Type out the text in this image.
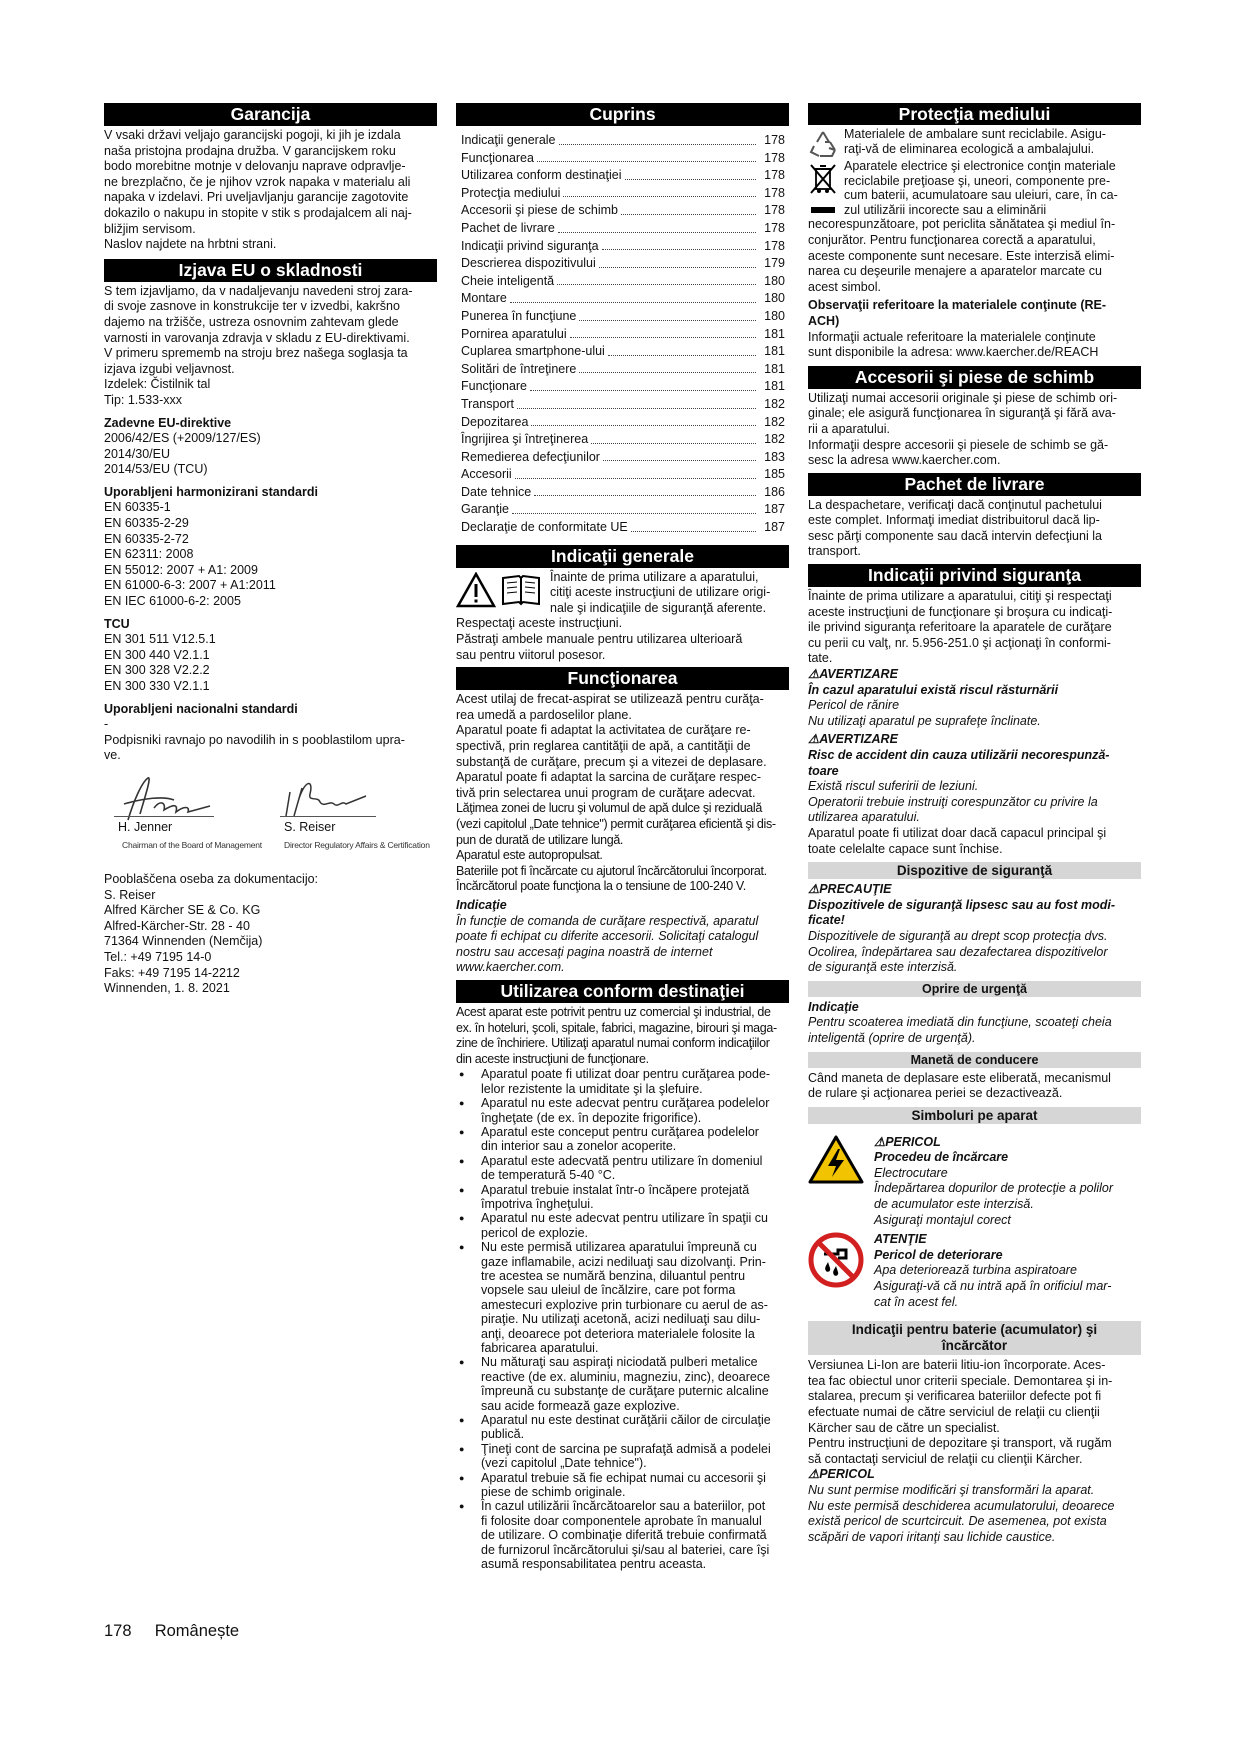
Garancija

V vsaki državi veljajo garancijski pogoji, ki jih je izdala

naša pristojna prodajna družba. V garancijskem roku

bodo morebitne motnje v delovanju naprave odpravlje-

ne brezplačno, če je njihov vzrok napaka v materialu ali

napaka v izdelavi. Pri uveljavljanju garancije zagotovite

dokazilo o nakupu in stopite v stik s prodajalcem ali naj-

bližjim servisom.

Naslov najdete na hrbtni strani.

Izjava EU o skladnosti

S tem izjavljamo, da v nadaljevanju navedeni stroj zara-

di svoje zasnove in konstrukcije ter v izvedbi, kakršno

dajemo na tržišče, ustreza osnovnim zahtevam glede

varnosti in varovanja zdravja v skladu z EU-direktivami.

V primeru sprememb na stroju brez našega soglasja ta

izjava izgubi veljavnost.

Izdelek: Čistilnik tal

Tip: 1.533-xxx

Zadevne EU-direktive

2006/42/ES (+2009/127/ES)

2014/30/EU

2014/53/EU (TCU)

Uporabljeni harmonizirani standardi

EN 60335-1

EN 60335-2-29

EN 60335-2-72

EN 62311: 2008

EN 55012: 2007 + A1: 2009

EN 61000-6-3: 2007 + A1:2011

EN IEC 61000-6-2: 2005

TCU

EN 301 511 V12.5.1

EN 300 440 V2.1.1

EN 300 328 V2.2.2

EN 300 330 V2.1.1

Uporabljeni nacionalni standardi

-

Podpisniki ravnajo po navodilih in s pooblastilom upra-

ve.

H. Jenner
Chairman of the Board of Management
S. Reiser
Director Regulatory Affairs & Certification

Pooblaščena oseba za dokumentacijo:

S. Reiser

Alfred Kärcher SE & Co. KG

Alfred-Kärcher-Str. 28 - 40

71364 Winnenden (Nemčija)

Tel.: +49 7195 14-0

Faks: +49 7195 14-2212

Winnenden, 1. 8. 2021

Cuprins
Indicaţii generale	178
Funcţionarea	178
Utilizarea conform destinaţiei	178
Protecţia mediului	178
Accesorii şi piese de schimb	178
Pachet de livrare	178
Indicaţii privind siguranţa	178
Descrierea dispozitivului	179
Cheie inteligentă	180
Montare	180
Punerea în funcţiune	180
Pornirea aparatului	181
Cuplarea smartphone-ului	181
Solitări de întreţinere	181
Funcţionare	181
Transport	182
Depozitarea	182
Îngrijirea şi întreţinerea	182
Remedierea defecţiunilor	183
Accesorii	185
Date tehnice	186
Garanţie	187
Declaraţie de conformitate UE	187
Indicaţii generale

Înainte de prima utilizare a aparatului,

citiţi aceste instrucţiuni de utilizare origi-

nale şi indicaţiile de siguranţă aferente.

Respectaţi aceste instrucţiuni.

Păstraţi ambele manuale pentru utilizarea ulterioară

sau pentru viitorul posesor.

Funcţionarea

Acest utilaj de frecat-aspirat se utilizează pentru curăţa-

rea umedă a pardoselilor plane.

Aparatul poate fi adaptat la activitatea de curăţare re-

spectivă, prin reglarea cantităţii de apă, a cantităţii de

substanţă de curăţare, precum şi a vitezei de deplasare.

Aparatul poate fi adaptat la sarcina de curăţare respec-

tivă prin selectarea unui program de curăţare adecvat.

Lăţimea zonei de lucru şi volumul de apă dulce şi reziduală

(vezi capitolul „Date tehnice") permit curăţarea eficientă şi dis-

pun de durată de utilizare lungă.

Aparatul este autopropulsat.

Bateriile pot fi încărcate cu ajutorul încărcătorului încorporat.

Încărcătorul poate funcţiona la o tensiune de 100-240 V.

Indicaţie

În funcţie de comanda de curăţare respectivă, aparatul

poate fi echipat cu diferite accesorii. Solicitaţi catalogul

nostru sau accesaţi pagina noastră de internet

www.kaercher.com.

Utilizarea conform destinaţiei

Acest aparat este potrivit pentru uz comercial şi industrial, de

ex. în hoteluri, şcoli, spitale, fabrici, magazine, birouri şi maga-

zine de închiriere. Utilizaţi aparatul numai conform indicaţiilor

din aceste instrucţiuni de funcţionare.

●	Aparatul poate fi utilizat doar pentru curăţarea pode-

lelor rezistente la umiditate şi la şlefuire.

●	Aparatul nu este adecvat pentru curăţarea podelelor

îngheţate (de ex. în depozite frigorifice).

●	Aparatul este conceput pentru curăţarea podelelor

din interior sau a zonelor acoperite.

●	Aparatul este adecvată pentru utilizare în domeniul

de temperatură 5-40 °C.

●	Aparatul trebuie instalat într-o încăpere protejată

împotriva îngheţului.

●	Aparatul nu este adecvat pentru utilizare în spaţii cu

pericol de explozie.

●	Nu este permisă utilizarea aparatului împreună cu

gaze inflamabile, acizi nediluaţi sau dizolvanţi. Prin-

tre acestea se numără benzina, diluantul pentru

vopsele sau uleiul de încălzire, care pot forma

amestecuri explozive prin turbionare cu aerul de as-

piraţie. Nu utilizaţi acetonă, acizi nediluaţi sau dilu-

anţi, deoarece pot deteriora materialele folosite la

fabricarea aparatului.

●	Nu măturaţi sau aspiraţi niciodată pulberi metalice

reactive (de ex. aluminiu, magneziu, zinc), deoarece

împreună cu substanţe de curăţare puternic alcaline

sau acide formează gaze explozive.

●	Aparatul nu este destinat curăţării căilor de circulaţie

publică.

●	Ţineţi cont de sarcina pe suprafaţă admisă a podelei

(vezi capitolul „Date tehnice").

●	Aparatul trebuie să fie echipat numai cu accesorii şi

piese de schimb originale.

●	În cazul utilizării încărcătoarelor sau a bateriilor, pot

fi folosite doar componentele aprobate în manualul

de utilizare. O combinaţie diferită trebuie confirmată

de furnizorul încărcătorului şi/sau al bateriei, care îşi

asumă responsabilitatea pentru aceasta.

Protecţia mediului

Materialele de ambalare sunt reciclabile. Asigu-

raţi-vă de eliminarea ecologică a ambalajului.

Aparatele electrice şi electronice conţin materiale

reciclabile preţioase şi, uneori, componente pre-

cum baterii, acumulatoare sau uleiuri, care, în ca-

zul utilizării incorecte sau a eliminării

necorespunzătoare, pot periclita sănătatea şi mediul în-

conjurător. Pentru funcţionarea corectă a aparatului,

aceste componente sunt necesare. Este interzisă elimi-

narea cu deşeurile menajere a aparatelor marcate cu

acest simbol.

Observaţii referitoare la materialele conţinute (RE-

ACH)

Informaţii actuale referitoare la materialele conţinute

sunt disponibile la adresa: www.kaercher.de/REACH

Accesorii şi piese de schimb

Utilizaţi numai accesorii originale şi piese de schimb ori-

ginale; ele asigură funcţionarea în siguranţă şi fără ava-

rii a aparatului.

Informaţii despre accesorii şi piesele de schimb se gă-

sesc la adresa www.kaercher.com.

Pachet de livrare

La despachetare, verificaţi dacă conţinutul pachetului

este complet. Informaţi imediat distribuitorul dacă lip-

sesc părţi componente sau dacă intervin defecţiuni la

transport.

Indicaţii privind siguranţa

Înainte de prima utilizare a aparatului, citiţi şi respectaţi

aceste instrucţiuni de funcţionare şi broşura cu indicaţi-

ile privind siguranţa referitoare la aparatele de curăţare

cu perii cu valţ, nr. 5.956-251.0 şi acţionaţi în conformi-

tate.

⚠AVERTIZARE

În cazul aparatului există riscul răsturnării

Pericol de rănire

Nu utilizaţi aparatul pe suprafeţe înclinate.

⚠AVERTIZARE

Risc de accident din cauza utilizării necorespunză-

toare

Există riscul suferirii de leziuni.

Operatorii trebuie instruiţi corespunzător cu privire la

utilizarea aparatului.

Aparatul poate fi utilizat doar dacă capacul principal şi

toate celelalte capace sunt închise.

Dispozitive de siguranţă

⚠PRECAUŢIE

Dispozitivele de siguranţă lipsesc sau au fost modi-

ficate!

Dispozitivele de siguranţă au drept scop protecţia dvs.

Ocolirea, îndepărtarea sau dezafectarea dispozitivelor

de siguranţă este interzisă.

Oprire de urgenţă

Indicaţie

Pentru scoaterea imediată din funcţiune, scoateţi cheia

inteligentă (oprire de urgenţă).

Manetă de conducere

Când maneta de deplasare este eliberată, mecanismul

de rulare şi acţionarea periei se dezactivează.

Simboluri pe aparat

⚠PERICOL

Procedeu de încărcare

Electrocutare

Îndepărtarea dopurilor de protecţie a polilor

de acumulator este interzisă.

Asiguraţi montajul corect

ATENŢIE

Pericol de deteriorare

Apa deteriorează turbina aspiratoare

Asiguraţi-vă că nu intră apă în orificiul mar-

cat în acest fel.

Indicaţii pentru baterie (acumulator) şi
încărcător

Versiunea Li-Ion are baterii litiu-ion încorporate. Aces-

tea fac obiectul unor criterii speciale. Demontarea şi in-

stalarea, precum şi verificarea bateriilor defecte pot fi

efectuate numai de către serviciul de relaţii cu clienţii

Kärcher sau de către un specialist.

Pentru instrucţiuni de depozitare şi transport, vă rugăm

să contactaţi serviciul de relaţii cu clienţii Kärcher.

⚠PERICOL

Nu sunt permise modificări şi transformări la aparat.

Nu este permisă deschiderea acumulatorului, deoarece

există pericol de scurtcircuit. De asemenea, pot exista

scăpări de vapori iritanţi sau lichide caustice.

178 Românește
